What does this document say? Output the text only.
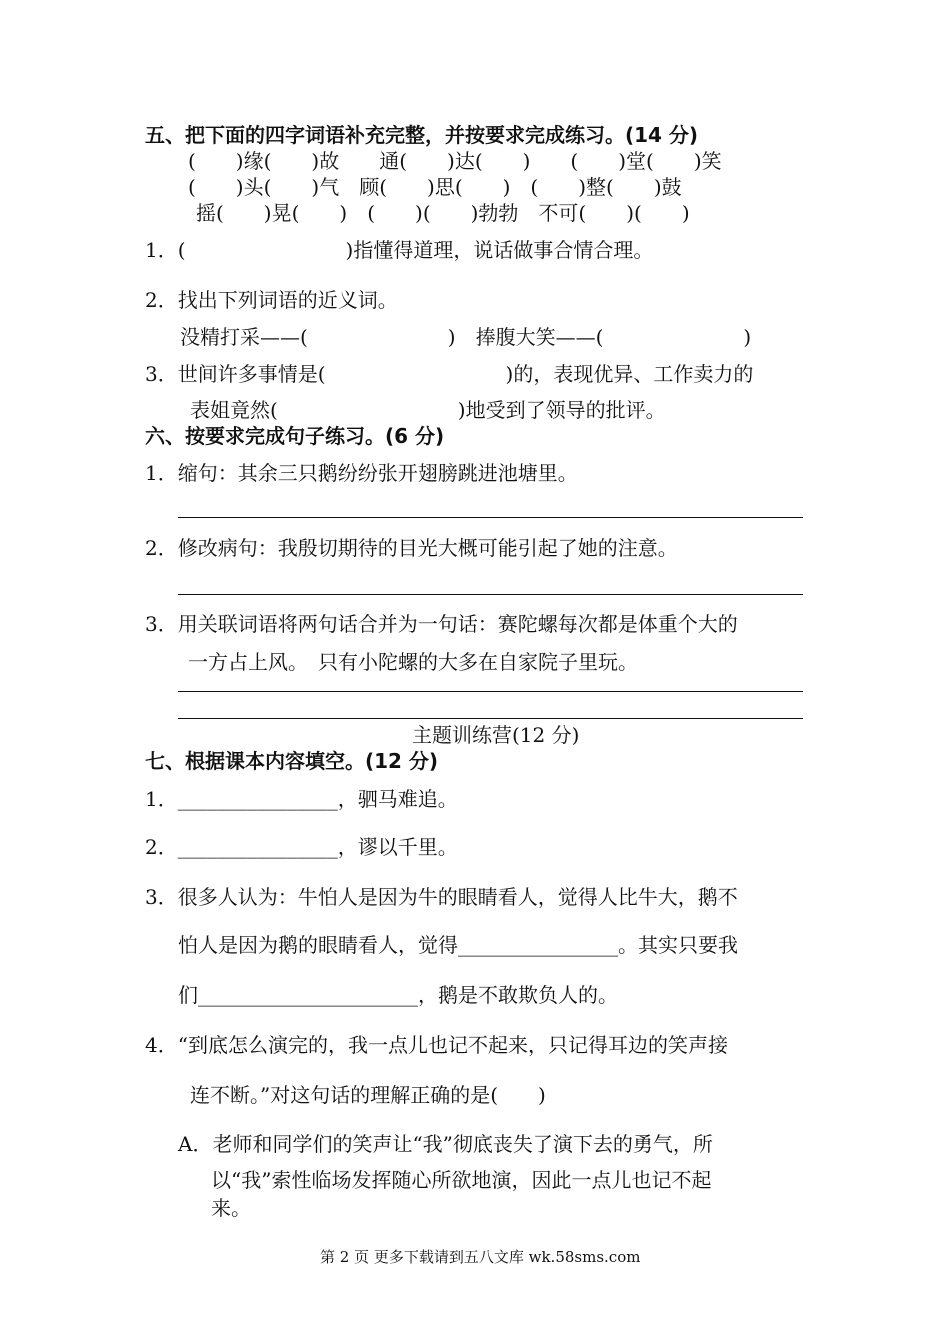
五、把下面的四字词语补充完整，并按要求完成练习。(14 分)
(　　)缘(　　)故　　通(　　)达(　　)　　(　　)堂(　　)笑
(　　)头(　　)气　顾(　　)思(　　)　(　　)整(　　)鼓
摇(　　)晃(　　)　(　　)(　　)勃勃　不可(　　)(　　)
1．(　　　　　　　　)指懂得道理，说话做事合情合理。
2．找出下列词语的近义词。
没精打采——(　　　　　　　)　捧腹大笑——(　　　　　　　)
3．世间许多事情是(　　　　　　　　　)的，表现优异、工作卖力的
表姐竟然(　　　　　　　　　)地受到了领导的批评。
六、按要求完成句子练习。(6 分)
1．缩句：其余三只鹅纷纷张开翅膀跳进池塘里。
2．修改病句：我殷切期待的目光大概可能引起了她的注意。
3．用关联词语将两句话合并为一句话：赛陀螺每次都是体重个大的
一方占上风。　只有小陀螺的大多在自家院子里玩。
主题训练营(12 分)
七、根据课本内容填空。(12 分)
1．________________，驷马难追。
2．________________，谬以千里。
3．很多人认为：牛怕人是因为牛的眼睛看人，觉得人比牛大，鹅不
怕人是因为鹅的眼睛看人，觉得________________。其实只要我
们______________________，鹅是不敢欺负人的。
4．“到底怎么演完的，我一点儿也记不起来，只记得耳边的笑声接
连不断。”对这句话的理解正确的是(　　)
A．老师和同学们的笑声让“我”彻底丧失了演下去的勇气，所
以“我”索性临场发挥随心所欲地演，因此一点儿也记不起
来。
第 2 页 更多下载请到五八文库 wk.58sms.com
